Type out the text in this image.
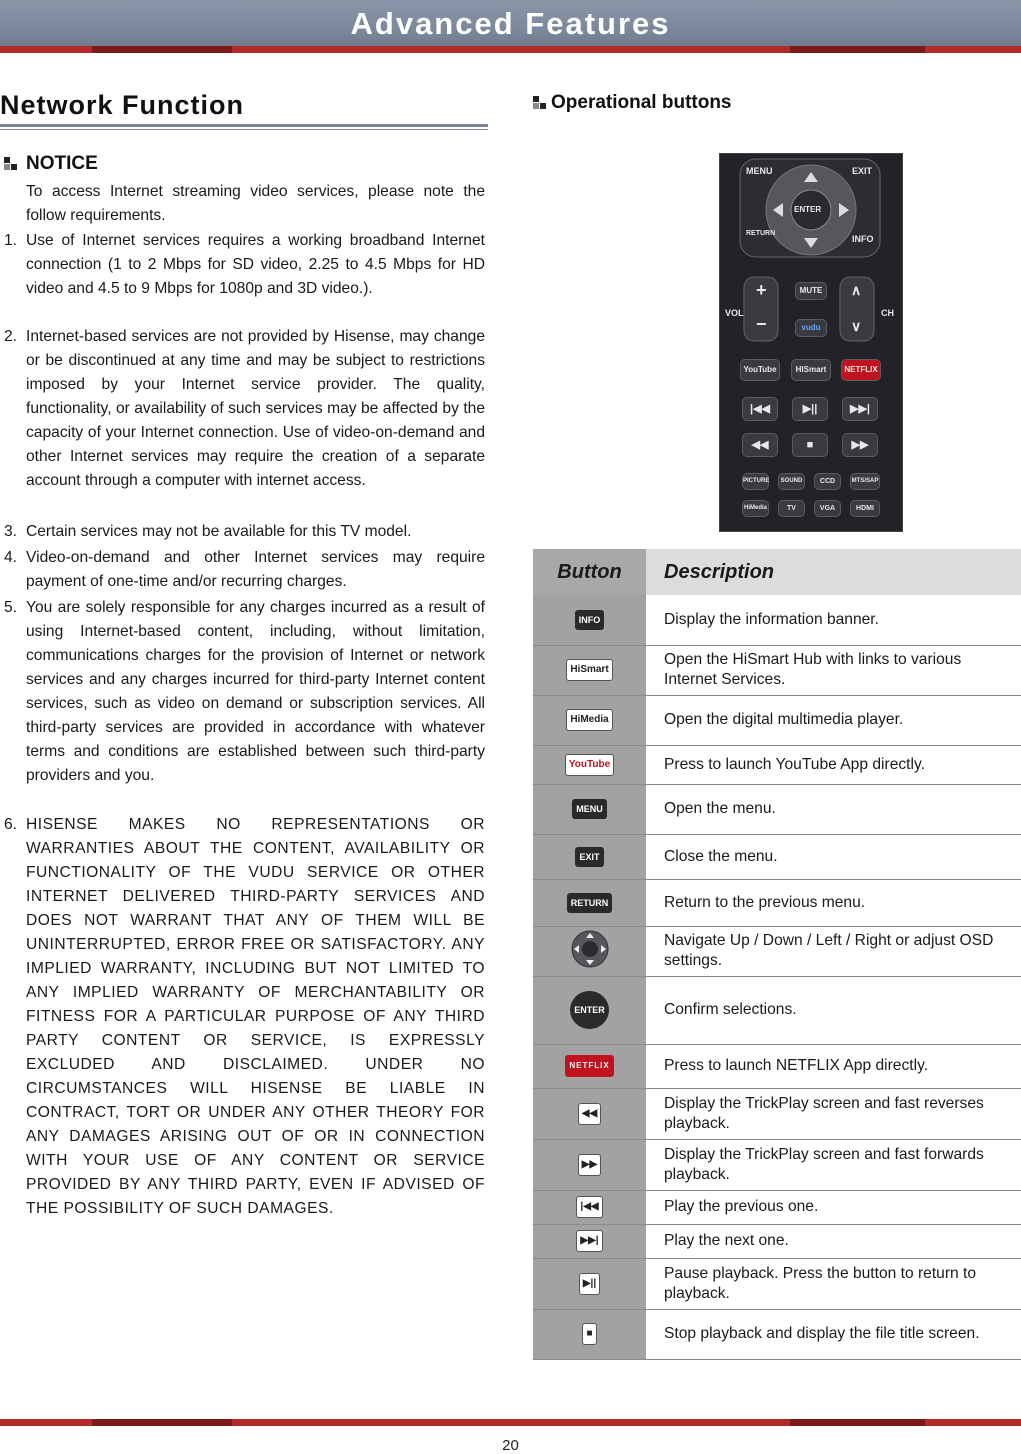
Advanced Features
Network Function
NOTICE
To access Internet streaming video services, please note the follow requirements.
1. Use of Internet services requires a working broadband Internet connection (1 to 2 Mbps for SD video, 2.25 to 4.5 Mbps for HD video and 4.5 to 9 Mbps for 1080p and 3D video.).
2. Internet-based services are not provided by Hisense, may change or be discontinued at any time and may be subject to restrictions imposed by your Internet service provider. The quality, functionality, or availability of such services may be affected by the capacity of your Internet connection. Use of video-on-demand and other Internet services may require the creation of a separate account through a computer with internet access.
3. Certain services may not be available for this TV model.
4. Video-on-demand and other Internet services may require payment of one-time and/or recurring charges.
5. You are solely responsible for any charges incurred as a result of using Internet-based content, including, without limitation, communications charges for the provision of Internet or network services and any charges incurred for third-party Internet content services, such as video on demand or subscription services. All third-party services are provided in accordance with whatever terms and conditions are established between such third-party providers and you.
6. HISENSE MAKES NO REPRESENTATIONS OR WARRANTIES ABOUT THE CONTENT, AVAILABILITY OR FUNCTIONALITY OF THE VUDU SERVICE OR OTHER INTERNET DELIVERED THIRD-PARTY SERVICES AND DOES NOT WARRANT THAT ANY OF THEM WILL BE UNINTERRUPTED, ERROR FREE OR SATISFACTORY. ANY IMPLIED WARRANTY, INCLUDING BUT NOT LIMITED TO ANY IMPLIED WARRANTY OF MERCHANTABILITY OR FITNESS FOR A PARTICULAR PURPOSE OF ANY THIRD PARTY CONTENT OR SERVICE, IS EXPRESSLY EXCLUDED AND DISCLAIMED. UNDER NO CIRCUMSTANCES WILL HISENSE BE LIABLE IN CONTRACT, TORT OR UNDER ANY OTHER THEORY FOR ANY DAMAGES ARISING OUT OF OR IN CONNECTION WITH YOUR USE OF ANY CONTENT OR SERVICE PROVIDED BY ANY THIRD PARTY, EVEN IF ADVISED OF THE POSSIBILITY OF SUCH DAMAGES.
Operational buttons
MENU	EXIT
ENTER
RETURN
INFO
+
−
∧
∨
VOL	CH
MUTE
vudu
YouTube	HISmart	NETFLIX
|◀◀	▶||	▶▶|
◀◀	■	▶▶
PICTURE	SOUND	CCD	MTS/SAP
HiMedia	TV	VGA	HDMI
Button	Description
INFO	Display the information banner.
HiSmart	Open the HiSmart Hub with links to various Internet Services.
HiMedia	Open the digital multimedia player.
YouTube	Press to launch YouTube App directly.
MENU	Open the menu.
EXIT	Close the menu.
RETURN	Return to the previous menu.
	Navigate Up / Down / Left / Right or adjust OSD settings.
ENTER	Confirm selections.
NETFLIX	Press to launch NETFLIX App directly.
◀◀	Display the TrickPlay screen and fast reverses playback.
▶▶	Display the TrickPlay screen and fast forwards playback.
|◀◀	Play the previous one.
▶▶|	Play the next one.
▶||	Pause playback. Press the button to return to playback.
■	Stop playback and display the file title screen.
20
